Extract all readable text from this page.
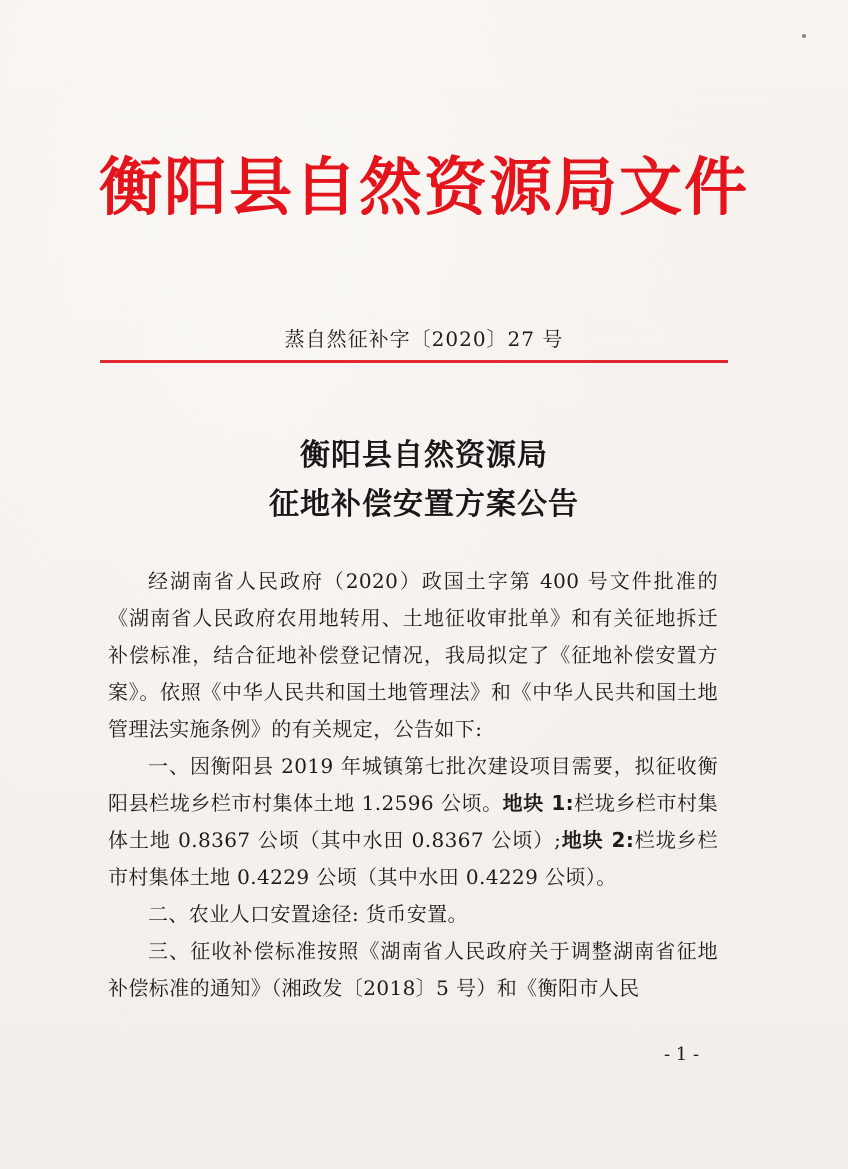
衡阳县自然资源局文件
蒸自然征补字〔2020〕27 号
衡阳县自然资源局
征地补偿安置方案公告

经湖南省人民政府（2020）政国土字第 400 号文件批准的《湖南省人民政府农用地转用、土地征收审批单》和有关征地拆迁补偿标准，结合征地补偿登记情况，我局拟定了《征地补偿安置方案》。依照《中华人民共和国土地管理法》和《中华人民共和国土地管理法实施条例》的有关规定，公告如下:

一、因衡阳县 2019 年城镇第七批次建设项目需要，拟征收衡阳县栏垅乡栏市村集体土地 1.2596 公顷。地块 1:栏垅乡栏市村集体土地 0.8367 公顷（其中水田 0.8367 公顷）;地块 2:栏垅乡栏市村集体土地 0.4229 公顷（其中水田 0.4229 公顷）。

二、农业人口安置途径: 货币安置。

三、征收补偿标准按照《湖南省人民政府关于调整湖南省征地补偿标准的通知》（湘政发〔2018〕5 号）和《衡阳市人民

- 1 -
